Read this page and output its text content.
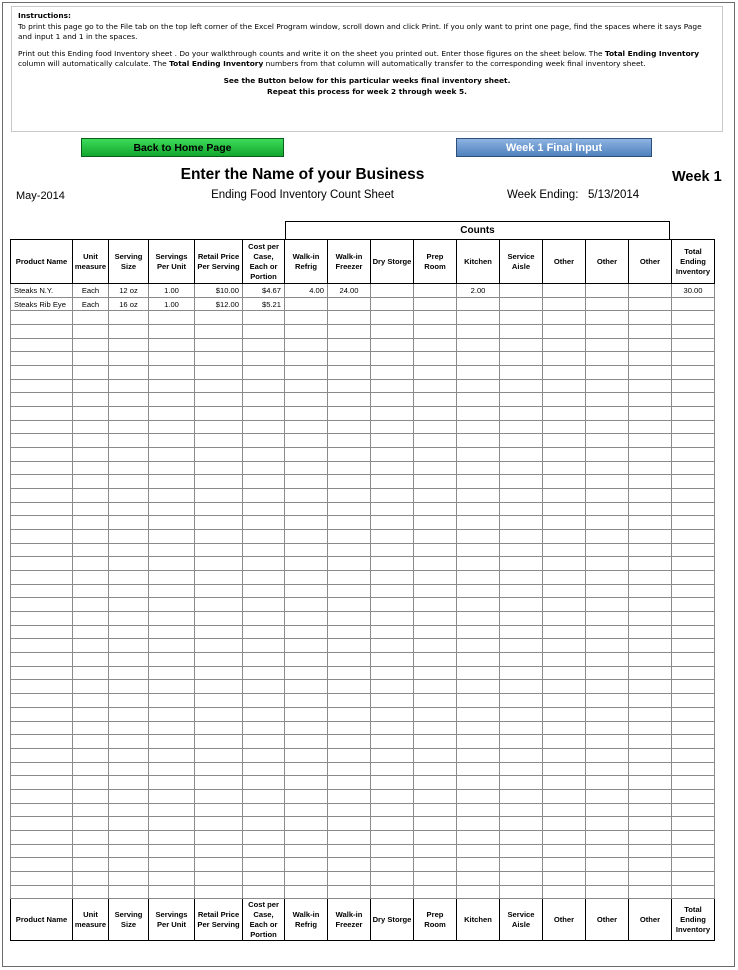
Instructions:

To print this page go to the File tab on the top left corner of the Excel Program window, scroll down and click Print. If you only want to print one page, find the spaces where it says Page and input 1 and 1 in the spaces.

Print out this Ending food Inventory sheet . Do your walkthrough counts and write it on the sheet you printed out. Enter those figures on the sheet below. The Total Ending Inventory column will automatically calculate. The Total Ending Inventory numbers from that column will automatically transfer to the corresponding week final inventory sheet.

See the Button below for this particular weeks final inventory sheet.

Repeat this process for week 2 through week 5.

Back to Home Page	Week 1 Final Input
Enter the Name of your Business	Week 1
May-2014	Ending Food Inventory Count Sheet	Week Ending: 5/13/2014
Counts
Product Name	Unit measure	Serving Size	Servings Per Unit	Retail Price Per Serving	Cost per Case, Each or Portion	Walk-in Refrig	Walk-in Freezer	Dry Storge	Prep Room	Kitchen	Service Aisle	Other	Other	Other	Total Ending Inventory
Steaks N.Y.	Each	12 oz	1.00	$10.00	$4.67	4.00	24.00			2.00					30.00
Steaks Rib Eye	Each	16 oz	1.00	$12.00	$5.21										

Product Name	Unit measure	Serving Size	Servings Per Unit	Retail Price Per Serving	Cost per Case, Each or Portion	Walk-in Refrig	Walk-in Freezer	Dry Storge	Prep Room	Kitchen	Service Aisle	Other	Other	Other	Total Ending Inventory
